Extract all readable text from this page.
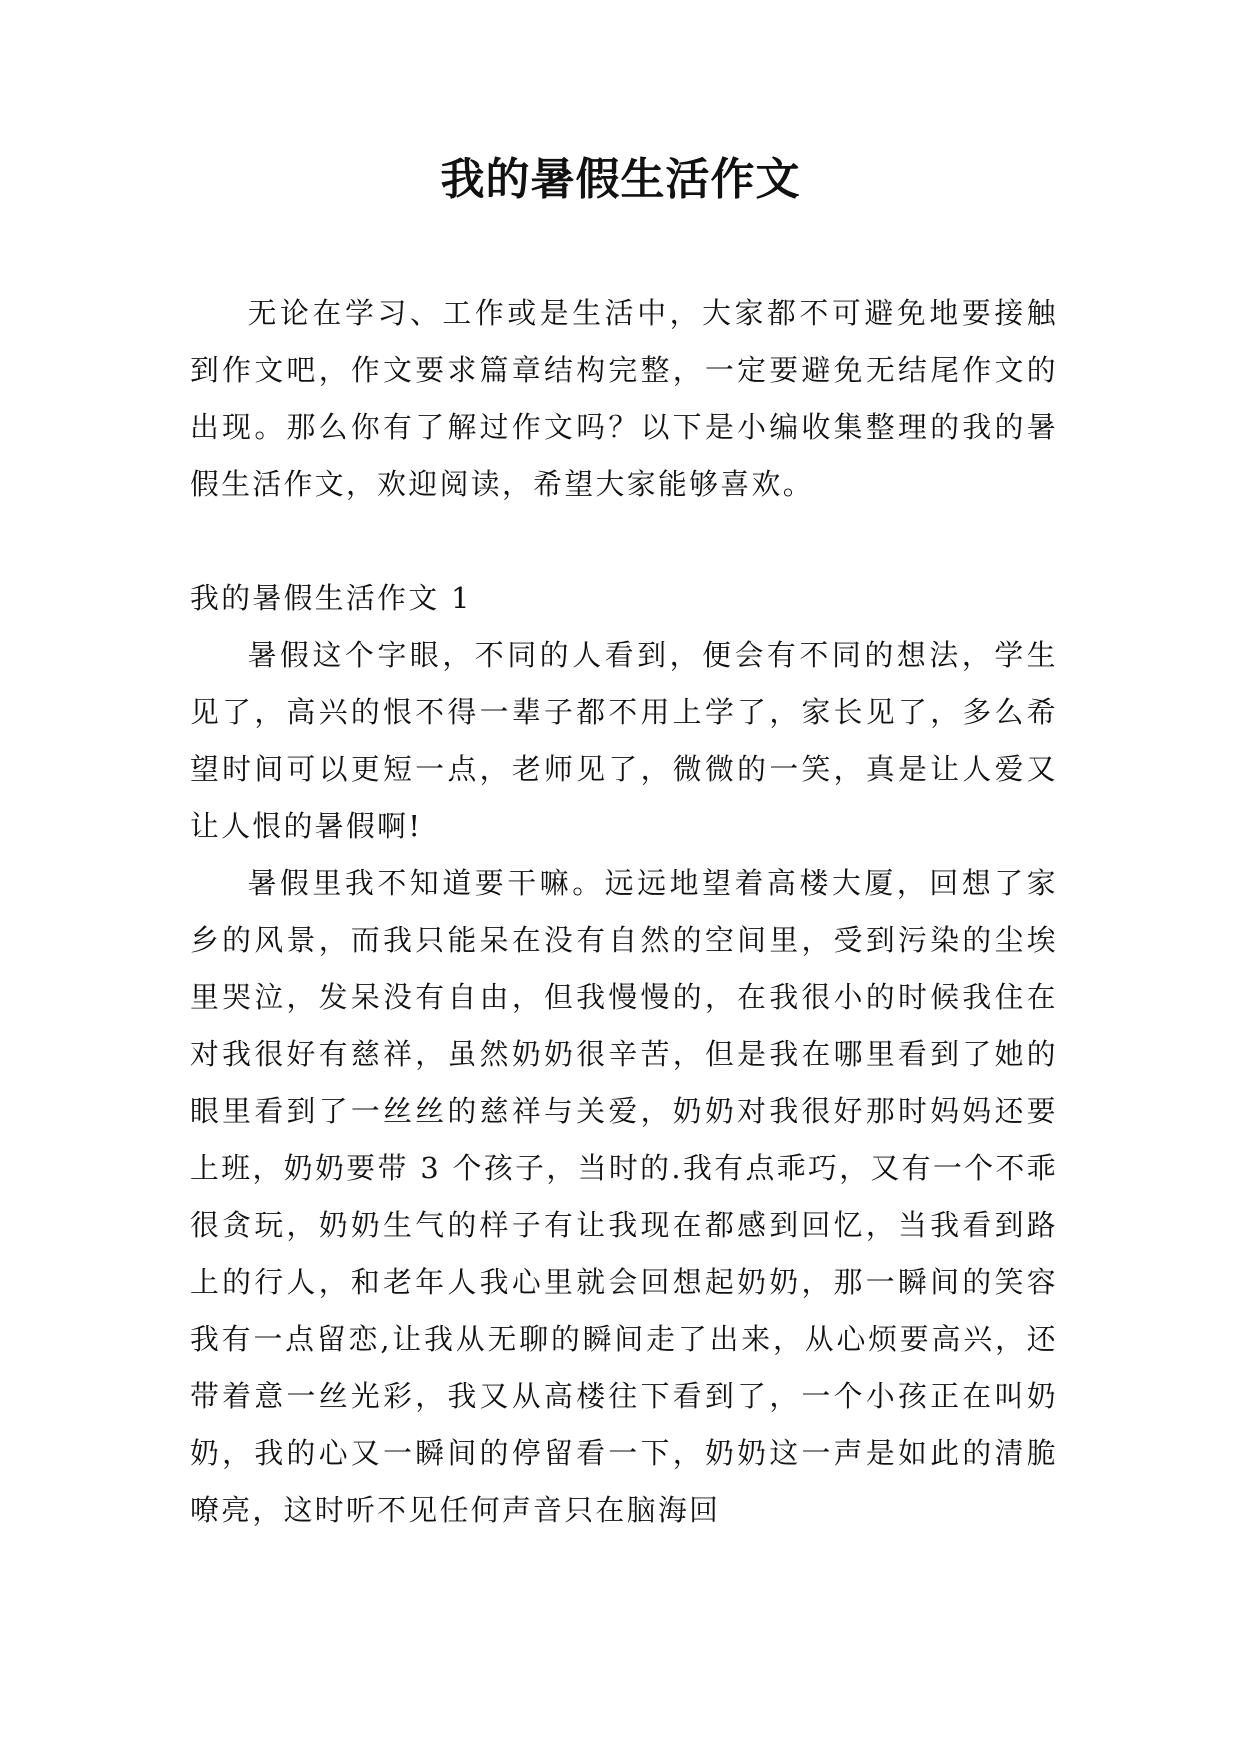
我的暑假生活作文

无论在学习、工作或是生活中，大家都不可避免地要接触到作文吧，作文要求篇章结构完整，一定要避免无结尾作文的出现。那么你有了解过作文吗？以下是小编收集整理的我的暑假生活作文，欢迎阅读，希望大家能够喜欢。

我的暑假生活作文 1

暑假这个字眼，不同的人看到，便会有不同的想法，学生见了，高兴的恨不得一辈子都不用上学了，家长见了，多么希望时间可以更短一点，老师见了，微微的一笑，真是让人爱又让人恨的暑假啊!

暑假里我不知道要干嘛。远远地望着高楼大厦，回想了家乡的风景，而我只能呆在没有自然的空间里，受到污染的尘埃里哭泣，发呆没有自由，但我慢慢的，在我很小的时候我住在对我很好有慈祥，虽然奶奶很辛苦，但是我在哪里看到了她的眼里看到了一丝丝的慈祥与关爱，奶奶对我很好那时妈妈还要上班，奶奶要带 3 个孩子，当时的.我有点乖巧，又有一个不乖很贪玩，奶奶生气的样子有让我现在都感到回忆，当我看到路上的行人，和老年人我心里就会回想起奶奶，那一瞬间的笑容我有一点留恋,让我从无聊的瞬间走了出来，从心烦要高兴，还带着意一丝光彩，我又从高楼往下看到了，一个小孩正在叫奶奶，我的心又一瞬间的停留看一下，奶奶这一声是如此的清脆嘹亮，这时听不见任何声音只在脑海回
